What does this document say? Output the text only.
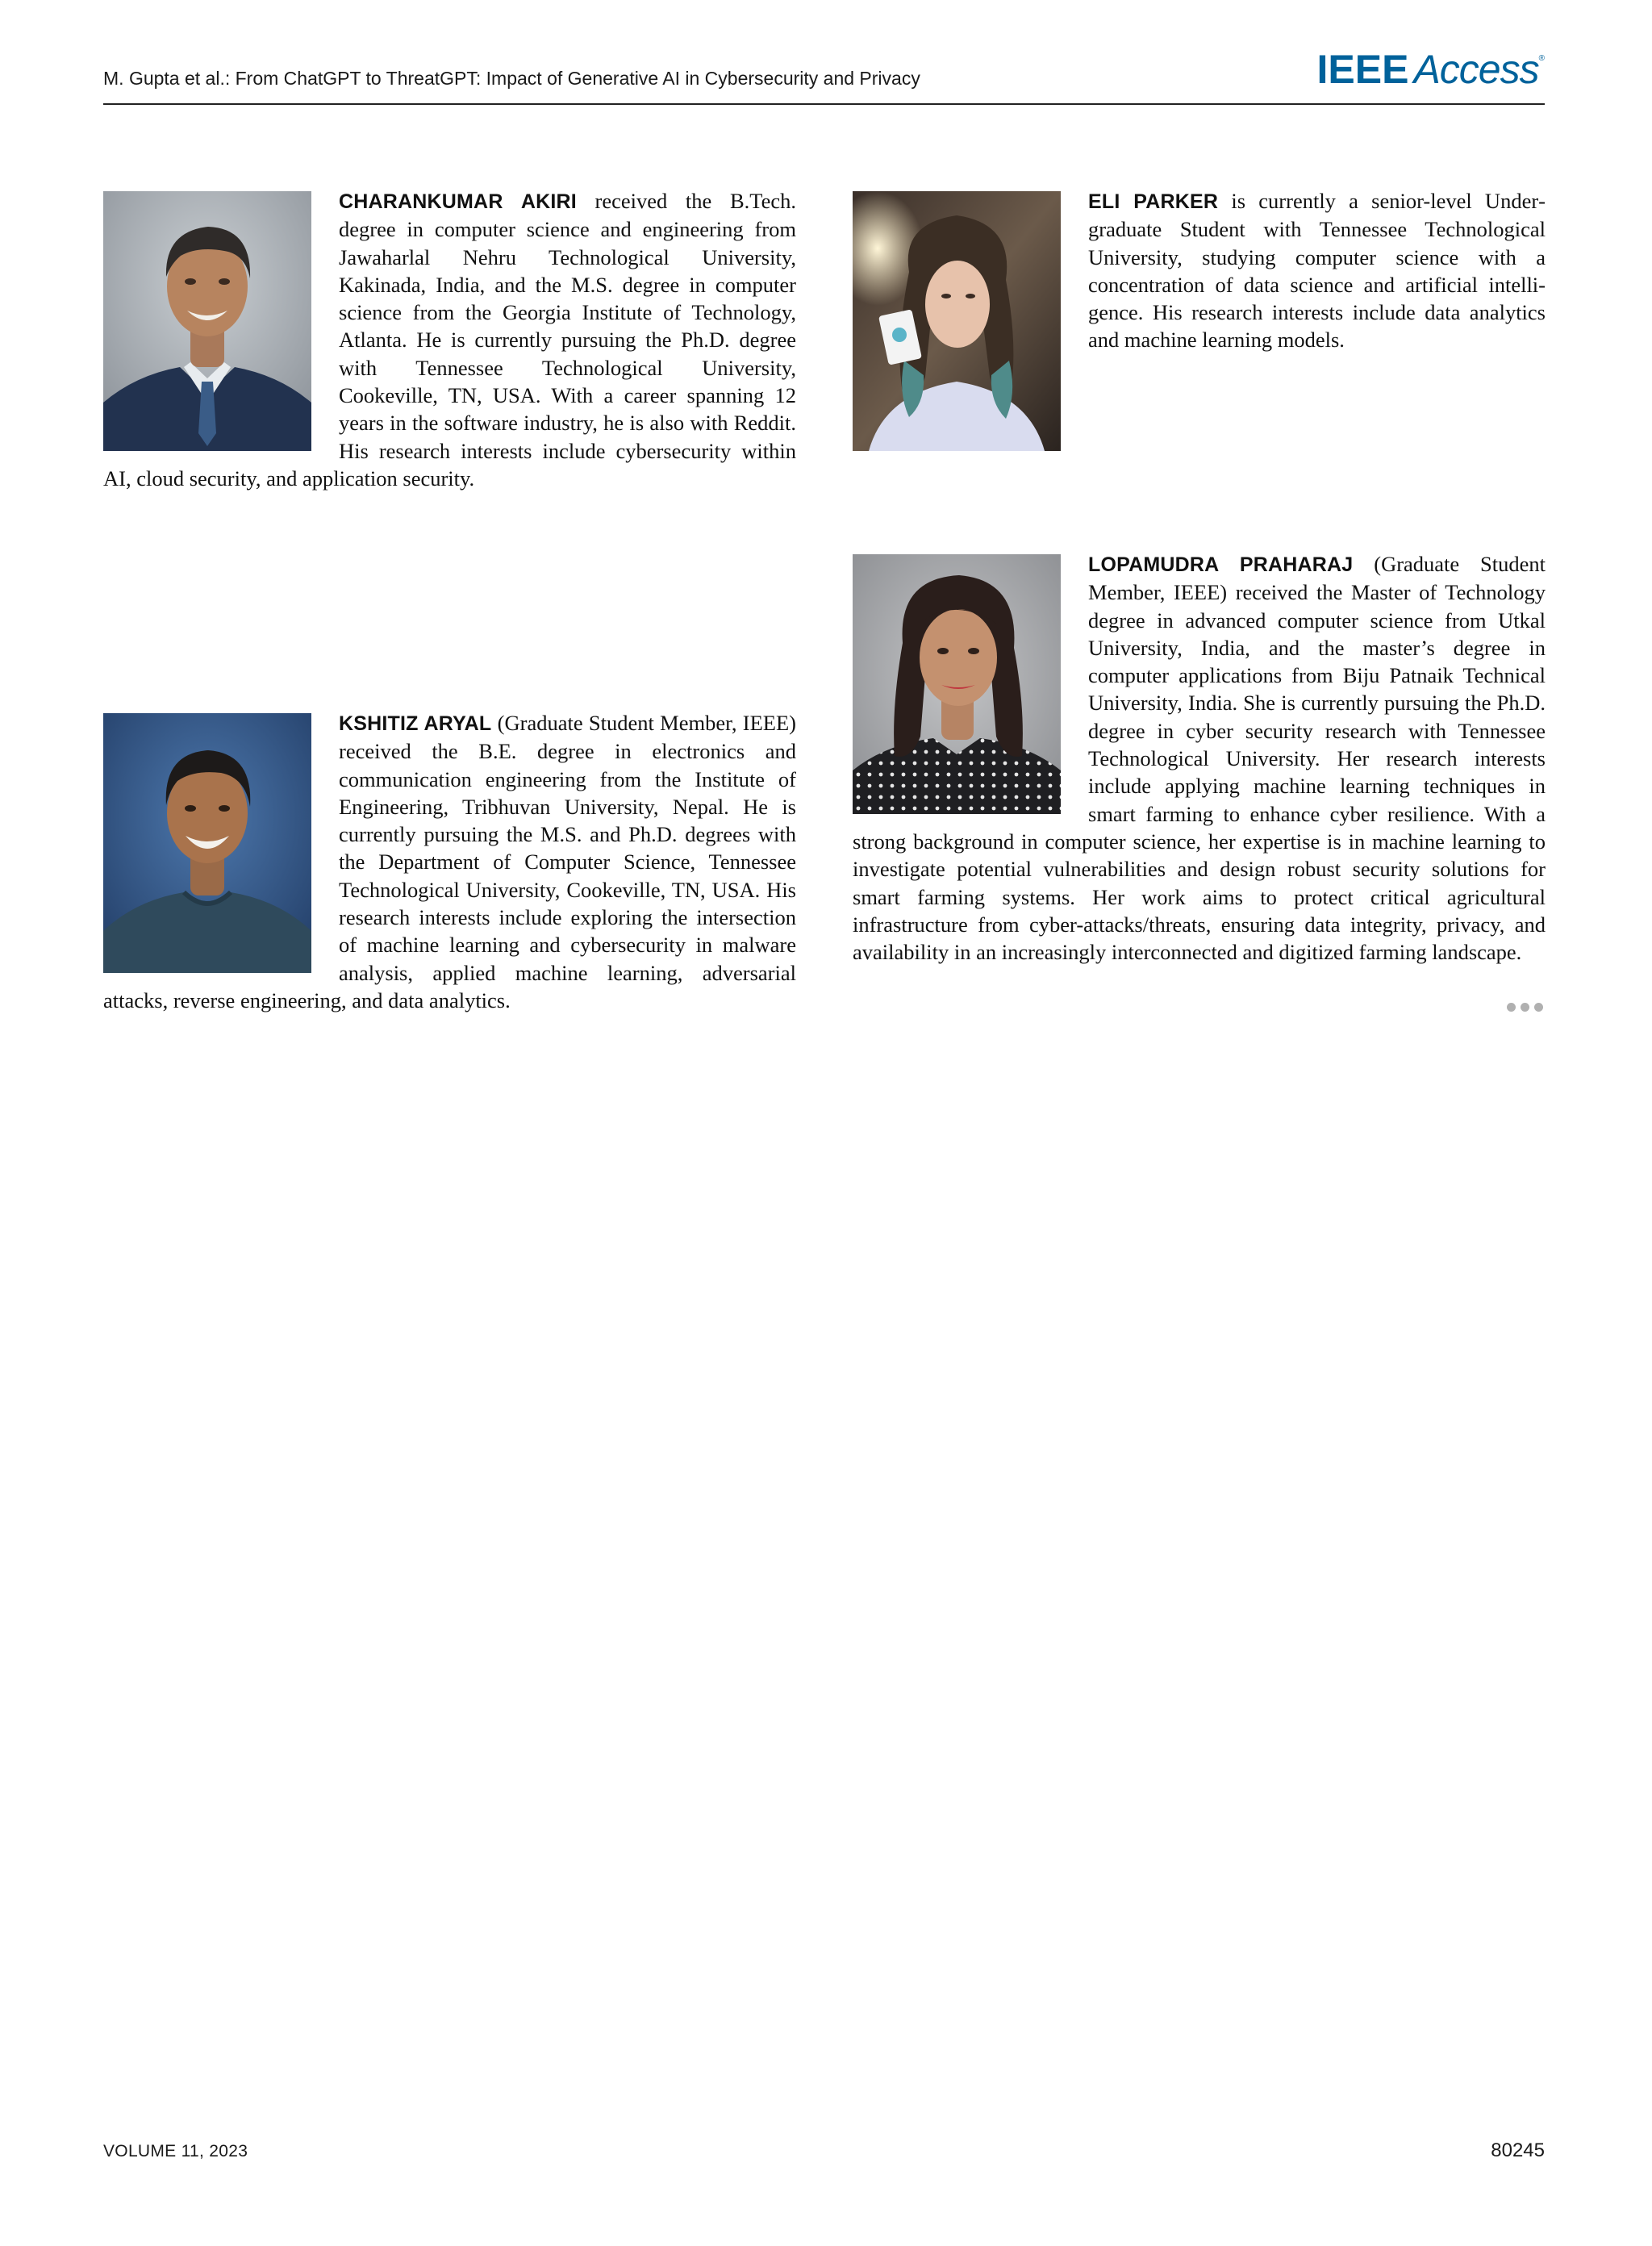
M. Gupta et al.: From ChatGPT to ThreatGPT: Impact of Generative AI in Cybersecurity and Privacy	IEEE Access®
CHARANKUMAR AKIRI received the B.Tech. degree in computer science and engineering from Jawaharlal Nehru Technological University, Kakinada, India, and the M.S. degree in computer science from the Georgia Institute of Technology, Atlanta. He is currently pursuing the Ph.D. degree with Tennessee Technological University, Cookeville, TN, USA. With a career spanning 12 years in the software industry, he is also with Reddit. His research interests include cybersecurity within AI, cloud security, and application security.
ELI PARKER is currently a senior-level Undergraduate Student with Tennessee Technological University, studying computer science with a concentration of data science and artificial intelligence. His research interests include data analytics and machine learning models.
KSHITIZ ARYAL (Graduate Student Member, IEEE) received the B.E. degree in electronics and communication engineering from the Institute of Engineering, Tribhuvan University, Nepal. He is currently pursuing the M.S. and Ph.D. degrees with the Department of Computer Science, Tennessee Technological University, Cookeville, TN, USA. His research interests include exploring the intersection of machine learning and cybersecurity in malware analysis, applied machine learning, adversarial attacks, reverse engineering, and data analytics.
LOPAMUDRA PRAHARAJ (Graduate Student Member, IEEE) received the Master of Technology degree in advanced computer science from Utkal University, India, and the master’s degree in computer applications from Biju Patnaik Technical University, India. She is currently pursuing the Ph.D. degree in cyber security research with Tennessee Technological University. Her research interests include applying machine learning techniques in smart farming to enhance cyber resilience. With a strong background in computer science, her expertise is in machine learning to investigate potential vulnerabilities and design robust security solutions for smart farming systems. Her work aims to protect critical agricultural infrastructure from cyber-attacks/threats, ensuring data integrity, privacy, and availability in an increasingly interconnected and digitized farming landscape.
VOLUME 11, 2023	80245
